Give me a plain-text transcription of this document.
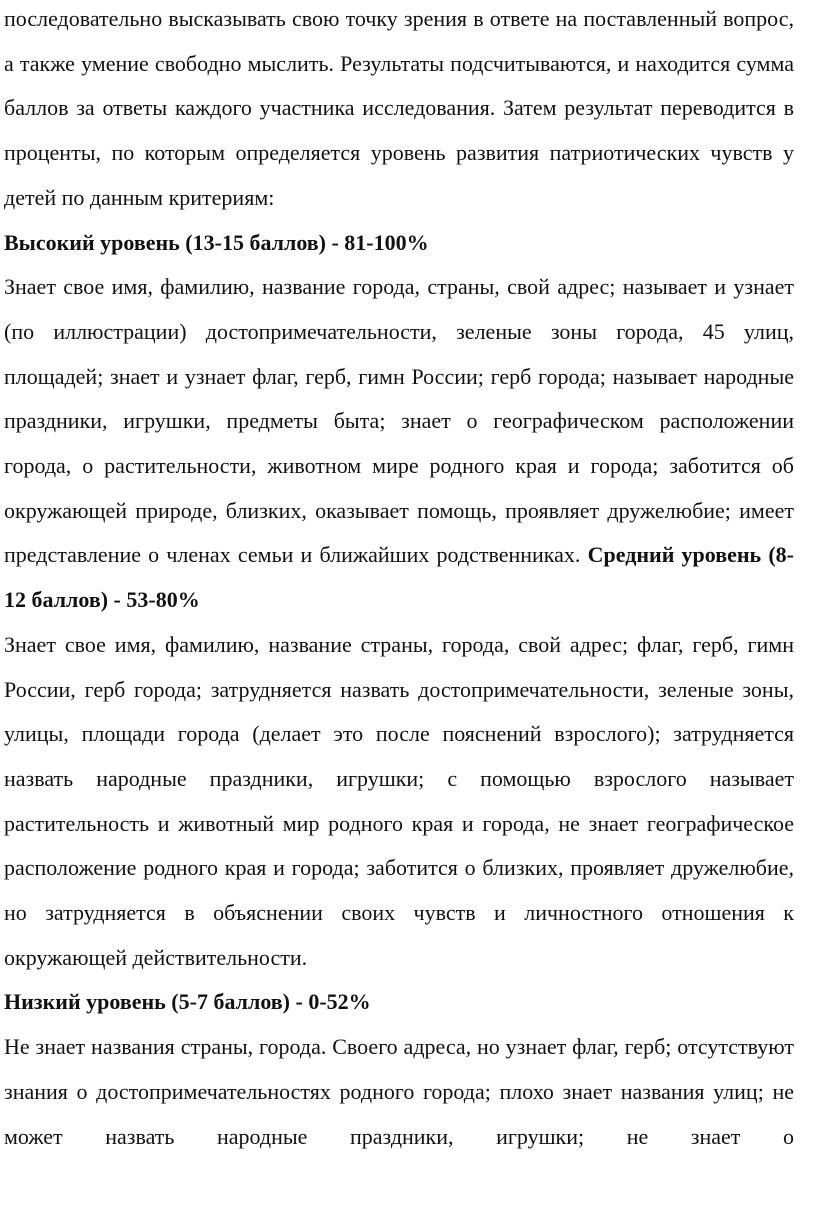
последовательно высказывать свою точку зрения в ответе на поставленный вопрос, а также умение свободно мыслить. Результаты подсчитываются, и находится сумма баллов за ответы каждого участника исследования. Затем результат переводится в проценты, по которым определяется уровень развития патриотических чувств у детей по данным критериям:

Высокий уровень (13-15 баллов) - 81-100%

Знает свое имя, фамилию, название города, страны, свой адрес; называет и узнает (по иллюстрации) достопримечательности, зеленые зоны города, 45 улиц, площадей; знает и узнает флаг, герб, гимн России; герб города; называет народные праздники, игрушки, предметы быта; знает о географическом расположении города, о растительности, животном мире родного края и города; заботится об окружающей природе, близких, оказывает помощь, проявляет дружелюбие; имеет представление о членах семьи и ближайших родственниках. Средний уровень (8-12 баллов) - 53-80%

Знает свое имя, фамилию, название страны, города, свой адрес; флаг, герб, гимн России, герб города; затрудняется назвать достопримечательности, зеленые зоны, улицы, площади города (делает это после пояснений взрослого); затрудняется назвать народные праздники, игрушки; с помощью взрослого называет растительность и животный мир родного края и города, не знает географическое расположение родного края и города; заботится о близких, проявляет дружелюбие, но затрудняется в объяснении своих чувств и личностного отношения к окружающей действительности.

Низкий уровень (5-7 баллов) - 0-52%

Не знает названия страны, города. Своего адреса, но узнает флаг, герб; отсутствуют знания о достопримечательностях родного города; плохо знает названия улиц; не может назвать народные праздники, игрушки; не знает о
